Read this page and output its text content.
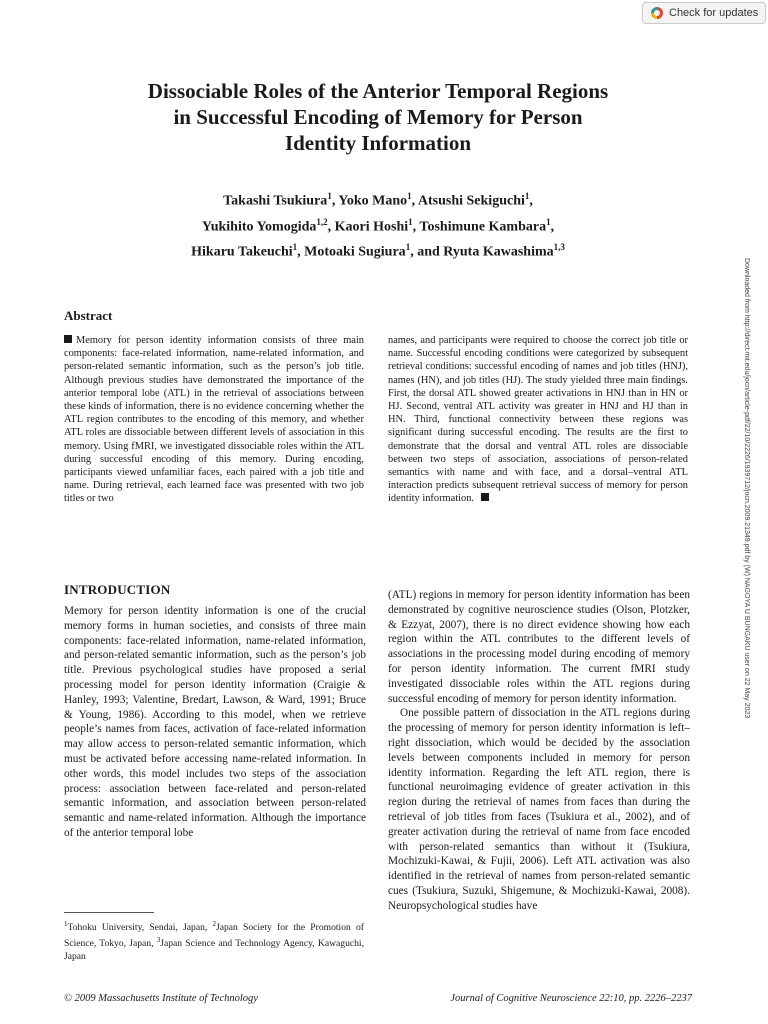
Check for updates
Dissociable Roles of the Anterior Temporal Regions
in Successful Encoding of Memory for Person
Identity Information
Takashi Tsukiura$^1$, Yoko Mano$^1$, Atsushi Sekiguchi$^1$,
Yukihito Yomogida$^{1,2}$, Kaori Hoshi$^1$, Toshimune Kambara$^1$,
Hikaru Takeuchi$^1$, Motoaki Sugiura$^1$, and Ryuta Kawashima$^{1,3}$
Downloaded from http://direct.mit.edu/jocn/article-pdf/22/10/2226/1939712/jocn.2009.21349.pdf by (W) NAGOYA U BUNGAKU user on 22 May 2023
Abstract
Memory for person identity information consists of three main components: face-related information, name-related information, and person-related semantic information, such as the person’s job title. Although previous studies have demonstrated the importance of the anterior temporal lobe (ATL) in the retrieval of associations between these kinds of information, there is no evidence concerning whether the ATL region contributes to the encoding of this memory, and whether ATL roles are dissociable between different levels of association in this memory. Using fMRI, we investigated dissociable roles within the ATL during successful encoding of this memory. During encoding, participants viewed unfamiliar faces, each paired with a job title and name. During retrieval, each learned face was presented with two job titles or two
names, and participants were required to choose the correct job title or name. Successful encoding conditions were categorized by subsequent retrieval conditions: successful encoding of names and job titles (HNJ), names (HN), and job titles (HJ). The study yielded three main findings. First, the dorsal ATL showed greater activations in HNJ than in HN or HJ. Second, ventral ATL activity was greater in HNJ and HJ than in HN. Third, functional connectivity between these regions was significant during successful encoding. The results are the first to demonstrate that the dorsal and ventral ATL roles are dissociable between two steps of association, associations of person-related semantics with name and with face, and a dorsal–ventral ATL interaction predicts subsequent retrieval success of memory for person identity information.
INTRODUCTION

Memory for person identity information is one of the crucial memory forms in human societies, and consists of three main components: face-related information, name-related information, and person-related semantic information, such as the person’s job title. Previous psychological studies have proposed a serial processing model for person identity information (Craigie & Hanley, 1993; Valentine, Bredart, Lawson, & Ward, 1991; Bruce & Young, 1986). According to this model, when we retrieve people’s names from faces, activation of face-related information may allow access to person-related semantic information, which must be activated before accessing name-related information. In other words, this model includes two steps of the association process: association between face-related and person-related semantic information, and association between person-related semantic and name-related information. Although the importance of the anterior temporal lobe

(ATL) regions in memory for person identity information has been demonstrated by cognitive neuroscience studies (Olson, Plotzker, & Ezzyat, 2007), there is no direct evidence showing how each region within the ATL contributes to the different levels of associations in the processing model during encoding of memory for person identity information. The current fMRI study investigated dissociable roles within the ATL regions during successful encoding of memory for person identity information.

One possible pattern of dissociation in the ATL regions during the processing of memory for person identity information is left–right dissociation, which would be decided by the association levels between components included in memory for person identity information. Regarding the left ATL region, there is functional neuroimaging evidence of greater activation in this region during the retrieval of names from faces than during the retrieval of job titles from faces (Tsukiura et al., 2002), and of greater activation during the retrieval of name from face encoded with person-related semantics than without it (Tsukiura, Mochizuki-Kawai, & Fujii, 2006). Left ATL activation was also identified in the retrieval of names from person-related semantic cues (Tsukiura, Suzuki, Shigemune, & Mochizuki-Kawai, 2008). Neuropsychological studies have

$^1$Tohoku University, Sendai, Japan, $^2$Japan Society for the Promotion of Science, Tokyo, Japan, $^3$Japan Science and Technology Agency, Kawaguchi, Japan
© 2009 Massachusetts Institute of Technology	Journal of Cognitive Neuroscience 22:10, pp. 2226–2237
